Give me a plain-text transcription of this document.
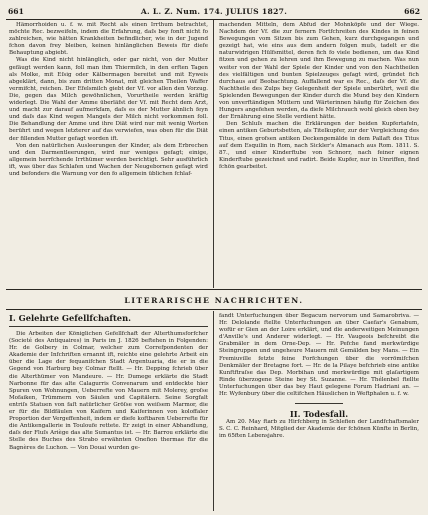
661	A. L. Z. Num. 174. JULIUS 1827.	662

Hämorrhoiden u. f. w. mit Recht als einen Irrthum betrachtet, möchte Rec. bezweifeln, indem die Erfahrung, daſs bey fonft nicht fo zahlreichen, wie hätten Krankheiten befindlicher, wie in der Jugend fchon davon frey bleiben, keinen hinlänglichen Beweis für diefe Behauptung abgiebt.

Was die Kind nicht hinlänglich, oder gar nicht, von der Mutter gefäugt werden kann, foll man ihm Thiermilch, in den erften Tagen als Molke, mit Eſsig oder Kälbermagen bereitet und mit Eyweis abgeklärt, dann, bis zum dritten Monat, mit gleichen Theilen Waffer vermifcht, reichen. Der Efelsmilch giebt der Vf. vor allen den Vorzug. Die, gegen das Milch gewöhnlichen, Vorurtheile werden kräftig widerlegt. Die Wahl der Amme überläfst der Vf. mit Recht dem Arzt, und macht zur darauf aufmerkfam, daſs es der Mutter ähnlich feyn und daſs das Kind wegen Mangels der Milch nicht vorkommen foll. Die Behandlung der Amme und ihre Diät wird nur mit wenig Worten berührt und wegen letzterer auf das verwiefen, was oben für die Diät der fillenden Mutter gefagt worden ift.

Von den natürlichen Ausleerungen der Kinder, als dem Erbrechen und den Darmentleerungen, wird nur weniges gefagt; einige, allgemein herrfchende Irrthümer werden berichtigt. Sehr ausführlich ift, was über das Schlafen und Wachen der Neugebornen gefagt wird und befonders die Warnung vor den fo allgemein üblichen fchlaf-

machenden Mitteln, dem Abfud der Mohnköpfe und der Wiege. Nachdem der Vf. die zur fernern Fortfchreiten des Kindes in feinen Bewegungen vom Sitzen bis zum Gehen, kurz durchgegangen und gezeigt hat, wie eins aus dem andern folgen muſs, tadelt er die naturwidrigen Hülfsmittel, deren fich fo viele bedienen, um das Kind fitzen und gehen zu lehren und ihm Bewegung zu machen. Was nun weiter von der Wahl der Spiele der Kinder und von den Nachtheilen des vielfältigen und bunten Spielzeuges gefagt wird, gründet fich durchaus auf Beobachtung. Auffallend war es Rec., daſs der Vf. die Nachtheile des Zulps bey Gelegenheit der Spiele unberührt, weil die Spielenden Bewegungen der Kinder durch die Mund bey den Kindern von unverftändigen Müttern und Wärterinnen häufig für Zeichen des Hungers angefehen werden, da diefe Milchrauch wohl gleich oben bey der Ernährung eine Stelle verdient hätte.

Den Schluſs machen die Erklärungen der beiden Kupfertafeln, einen antiken Geburtsbetten, als Titelkupfer, zur der Vergleichung des Titus, einen grofsen antiken Deckengemälde in dem Pallaft des Titus auf dem Esquilin in Rom, nach Sickler's Almanach aus Rom. 1811. S. 87., und einer Kinderftube von Schnorr, nach feiner eignen Kinderftube gezeichnet und radirt. Beide Kupfer, nur in Umriffen, find fchön gearbeitet.

LITERARISCHE NACHRICHTEN.

I. Gelehrte Gefellfchaften.

Die Arbeiten der Königlichen Gefellfchaft der Alterthumsforfcher (Societé des Antiquaires) in Paris im J. 1826 beftehen in Folgenden: Hr. de Golbery in Colmar, welcher zum Correfpondenten der Akademie der Infchriften ernannt ift, reichte eine gelehrte Arbeit ein über die Lage der fequanifchen Stadt Argentuaria, die er in die Gegend von Harburg bey Colmar ftellt. — Hr. Depping fchrieb über die Alterthümer von Mandeure. — Hr. Dumege erklärte die Stadt Narbonne für das alte Calagurris Convenarum und entdeckte hier Spuren von Wohnungen, Ueberrefte von Mauern mit Molerey, groſse Mofaiken, Trümmern von Säulen und Capitälern. Seine Sorgfalt entriſs Statuen von faſt natürlicher Gröſse von weiſsem Marmor, die er für die Bildfäulen von Kaifern und Kaiferinnen von koloffaler Proportion der Vergeffenheit, indem er diefe koftbaren Ueberrefte für die Antikengallerie in Touloufe rettete. Er zeigt in einer Abhandlung, daſs der Fluſs Ariège das alte Sumantus ist. — Hr. Barrou erklärte die Stelle des Buches des Strabo erwähnten Onefion thermae für die Bagnères de Luchon. — Von Douai wurden ge-

fandt Unterfuchungen über Begacum nervorum und Samarobriva. — Hr. Delolande ftellte Unterfuchungen an über Caefar's Genabum, wofür er Gien an der Loire erklärt, und die anderweitigen Meinungen d'Anville's und Anderer widerlegt. — Hr. Vaugeois befchreibt die Grabmäler in dem Orne-Dep. — Hr. Pefche fand merkwürdige Steingruppen und ungeheure Mauern mit Gemälden bey Mans. — Ein Fremiuville fetzte feine Forfchungen über die vorrömifchen Denkmäler der Bretagne fort. — Hr. de la Pilaye befchrieb eine antike Kunftftraſse das Dep. Morbihan und merkwürdige mit glaſartigem Rinde überzogene Steine bey St. Suzanne. — Hr. Thélenbel ftellte Unterfuchungen über das bey Haut gelegene Forum Hadriani an. — Hr. Wyfenbury über die celtifchen Häuslichen in Weftphalen u. f. w.

II. Todesfall.

Am 20. May ftarb zu Hirfchberg in Schlefien der Landfchaftsmaler S. C. C. Reinhard, Mitglied der Akademie der fchönen Künfte in Berlin, im 65ften Lebensjahre.
